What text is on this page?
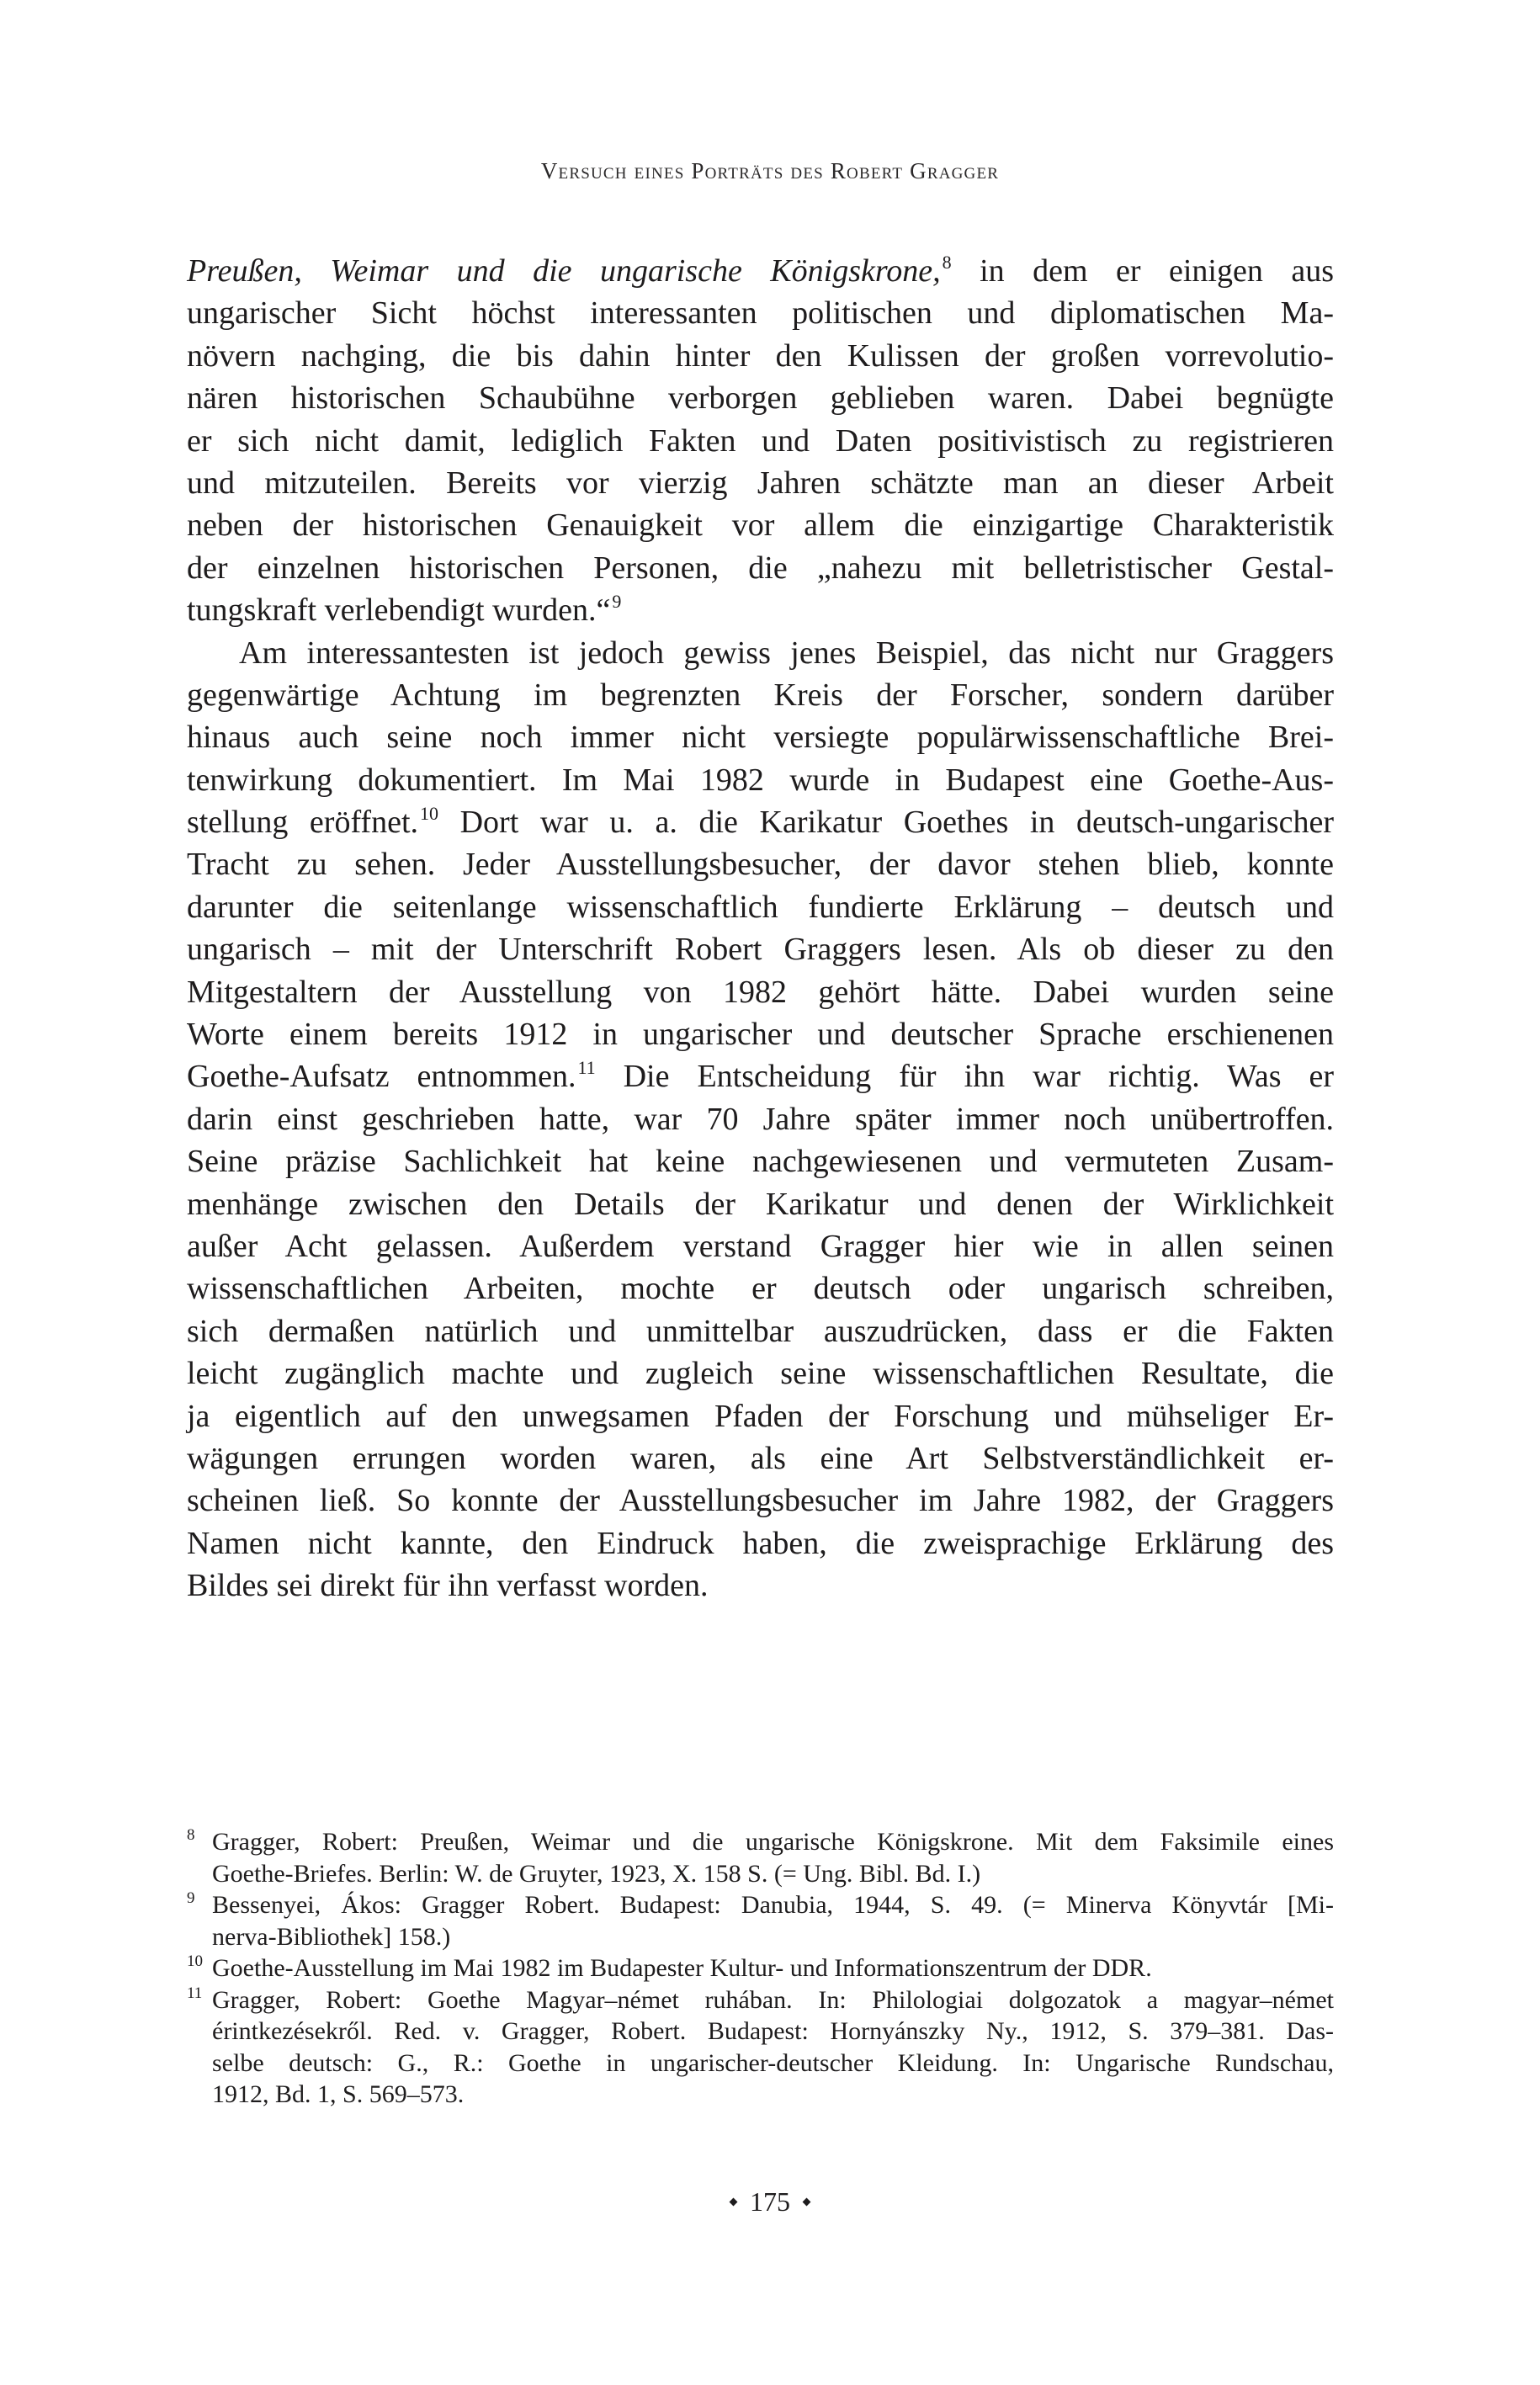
Versuch eines Porträts des Robert Gragger
Preußen, Weimar und die ungarische Königskrone,$^8$ in dem er einigen aus
ungarischer Sicht höchst interessanten politischen und diplomatischen Ma-
növern nachging, die bis dahin hinter den Kulissen der großen vorrevolutio-
nären historischen Schaubühne verborgen geblieben waren. Dabei begnügte
er sich nicht damit, lediglich Fakten und Daten positivistisch zu registrieren
und mitzuteilen. Bereits vor vierzig Jahren schätzte man an dieser Arbeit
neben der historischen Genauigkeit vor allem die einzigartige Charakteristik
der einzelnen historischen Personen, die „nahezu mit belletristischer Gestal-
tungskraft verlebendigt wurden.“$^9$
Am interessantesten ist jedoch gewiss jenes Beispiel, das nicht nur Graggers
gegenwärtige Achtung im begrenzten Kreis der Forscher, sondern darüber
hinaus auch seine noch immer nicht versiegte populärwissenschaftliche Brei-
tenwirkung dokumentiert. Im Mai 1982 wurde in Budapest eine Goethe-Aus-
stellung eröffnet.$^{10}$ Dort war u. a. die Karikatur Goethes in deutsch-ungarischer
Tracht zu sehen. Jeder Ausstellungsbesucher, der davor stehen blieb, konnte
darunter die seitenlange wissenschaftlich fundierte Erklärung – deutsch und
ungarisch – mit der Unterschrift Robert Graggers lesen. Als ob dieser zu den
Mitgestaltern der Ausstellung von 1982 gehört hätte. Dabei wurden seine
Worte einem bereits 1912 in ungarischer und deutscher Sprache erschienenen
Goethe-Aufsatz entnommen.$^{11}$ Die Entscheidung für ihn war richtig. Was er
darin einst geschrieben hatte, war 70 Jahre später immer noch unübertroffen.
Seine präzise Sachlichkeit hat keine nachgewiesenen und vermuteten Zusam-
menhänge zwischen den Details der Karikatur und denen der Wirklichkeit
außer Acht gelassen. Außerdem verstand Gragger hier wie in allen seinen
wissenschaftlichen Arbeiten, mochte er deutsch oder ungarisch schreiben,
sich dermaßen natürlich und unmittelbar auszudrücken, dass er die Fakten
leicht zugänglich machte und zugleich seine wissenschaftlichen Resultate, die
ja eigentlich auf den unwegsamen Pfaden der Forschung und mühseliger Er-
wägungen errungen worden waren, als eine Art Selbstverständlichkeit er-
scheinen ließ. So konnte der Ausstellungsbesucher im Jahre 1982, der Graggers
Namen nicht kannte, den Eindruck haben, die zweisprachige Erklärung des
Bildes sei direkt für ihn verfasst worden.
8 Gragger, Robert: Preußen, Weimar und die ungarische Königskrone. Mit dem Faksimile eines
Goethe-Briefes. Berlin: W. de Gruyter, 1923, X. 158 S. (= Ung. Bibl. Bd. I.)
9 Bessenyei, Ákos: Gragger Robert. Budapest: Danubia, 1944, S. 49. (= Minerva Könyvtár [Mi-
nerva-Bibliothek] 158.)
10 Goethe-Ausstellung im Mai 1982 im Budapester Kultur- und Informationszentrum der DDR.
11 Gragger, Robert: Goethe Magyar–német ruhában. In: Philologiai dolgozatok a magyar–német
érintkezésekről. Red. v. Gragger, Robert. Budapest: Hornyánszky Ny., 1912, S. 379–381. Das-
selbe deutsch: G., R.: Goethe in ungarischer-deutscher Kleidung. In: Ungarische Rundschau,
1912, Bd. 1, S. 569–573.
175
